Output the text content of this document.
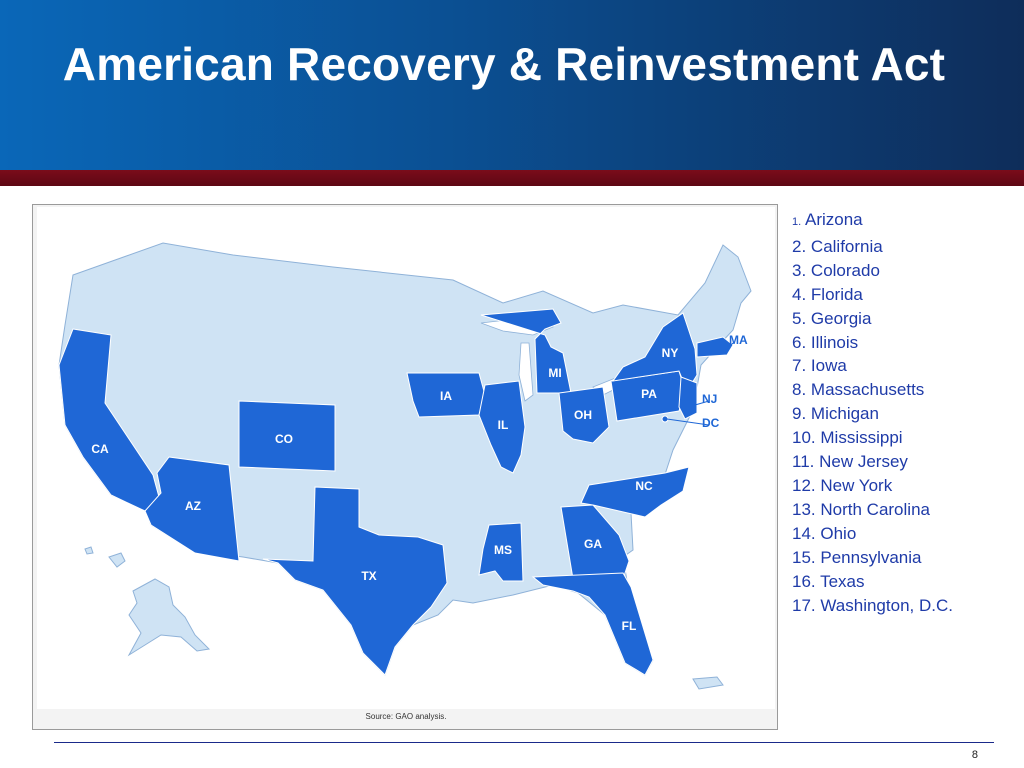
American Recovery & Reinvestment Act
CA
AZ
CO
TX
IA
IL
MI
OH
MS	GA
FL
NC
PA
NY
MA
NJ
DC
Source: GAO analysis.
1. Arizona
2. California
3. Colorado
4. Florida
5. Georgia
6. Illinois
7. Iowa
8. Massachusetts
9. Michigan
10. Mississippi
11. New Jersey
12. New York
13. North Carolina
14. Ohio
15. Pennsylvania
16. Texas
17. Washington, D.C.
8
